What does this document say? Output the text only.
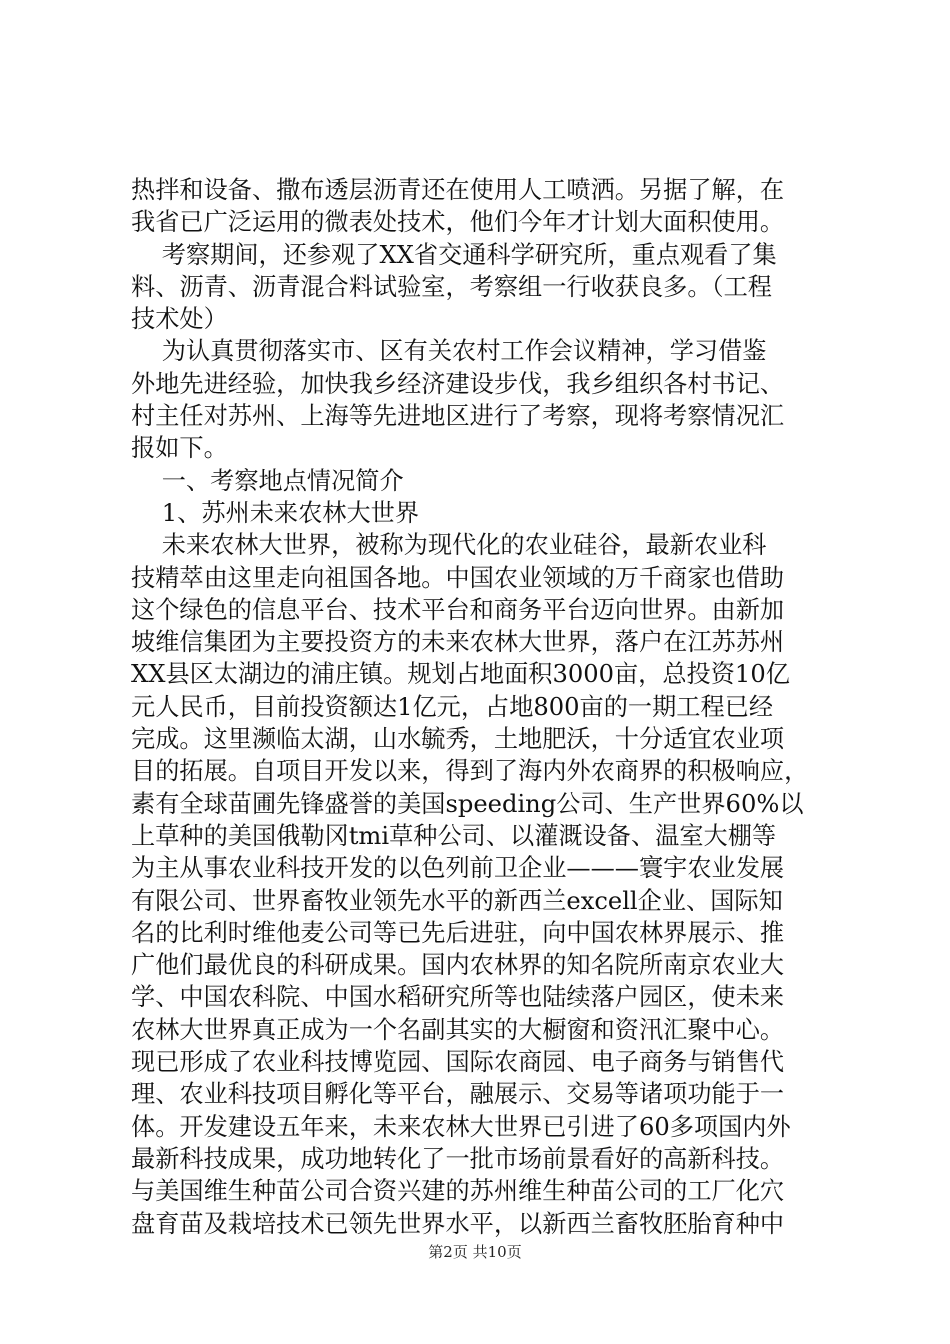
热拌和设备、撒布透层沥青还在使用人工喷洒。另据了解，在
我省已广泛运用的微表处技术，他们今年才计划大面积使用。
考察期间，还参观了XX省交通科学研究所，重点观看了集
料、沥青、沥青混合料试验室，考察组一行收获良多。（工程
技术处）
为认真贯彻落实市、区有关农村工作会议精神，学习借鉴
外地先进经验，加快我乡经济建设步伐，我乡组织各村书记、
村主任对苏州、上海等先进地区进行了考察，现将考察情况汇
报如下。
一、考察地点情况简介
1、苏州未来农林大世界
未来农林大世界，被称为现代化的农业硅谷，最新农业科
技精萃由这里走向祖国各地。中国农业领域的万千商家也借助
这个绿色的信息平台、技术平台和商务平台迈向世界。由新加
坡维信集团为主要投资方的未来农林大世界，落户在江苏苏州
XX县区太湖边的浦庄镇。规划占地面积3000亩，总投资10亿
元人民币，目前投资额达1亿元，占地800亩的一期工程已经
完成。这里濒临太湖，山水毓秀，土地肥沃，十分适宜农业项
目的拓展。自项目开发以来，得到了海内外农商界的积极响应，
素有全球苗圃先锋盛誉的美国speeding公司、生产世界60%以
上草种的美国俄勒冈tmi草种公司、以灌溉设备、温室大棚等
为主从事农业科技开发的以色列前卫企业———寰宇农业发展
有限公司、世界畜牧业领先水平的新西兰excell企业、国际知
名的比利时维他麦公司等已先后进驻，向中国农林界展示、推
广他们最优良的科研成果。国内农林界的知名院所南京农业大
学、中国农科院、中国水稻研究所等也陆续落户园区，使未来
农林大世界真正成为一个名副其实的大橱窗和资汛汇聚中心。
现已形成了农业科技博览园、国际农商园、电子商务与销售代
理、农业科技项目孵化等平台，融展示、交易等诸项功能于一
体。开发建设五年来，未来农林大世界已引进了60多项国内外
最新科技成果，成功地转化了一批市场前景看好的高新科技。
与美国维生种苗公司合资兴建的苏州维生种苗公司的工厂化穴
盘育苗及栽培技术已领先世界水平，以新西兰畜牧胚胎育种中
第2页 共10页
